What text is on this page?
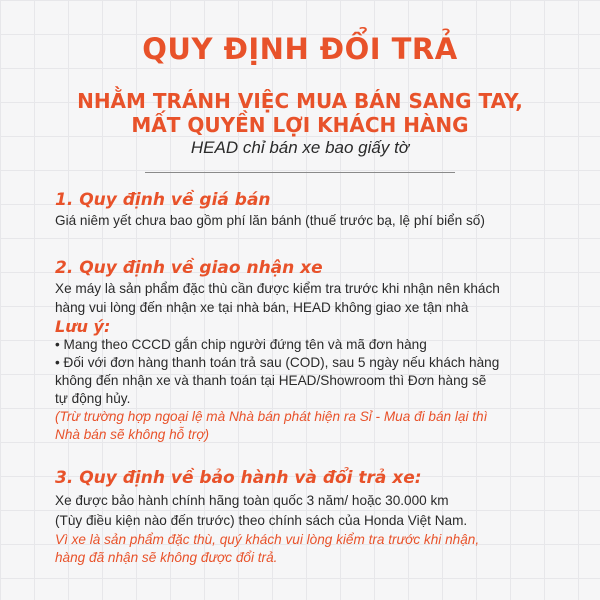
QUY ĐỊNH ĐỔI TRẢ
NHẰM TRÁNH VIỆC MUA BÁN SANG TAY,
MẤT QUYỀN LỢI KHÁCH HÀNG
HEAD chỉ bán xe bao giấy tờ
1. Quy định về giá bán
Giá niêm yết chưa bao gồm phí lăn bánh (thuế trước bạ, lệ phí biển số)
2. Quy định về giao nhận xe
Xe máy là sản phẩm đặc thù cần được kiểm tra trước khi nhận nên khách
hàng vui lòng đến nhận xe tại nhà bán, HEAD không giao xe tận nhà
Lưu ý:
• Mang theo CCCD gắn chip người đứng tên và mã đơn hàng
• Đối với đơn hàng thanh toán trả sau (COD), sau 5 ngày nếu khách hàng
không đến nhận xe và thanh toán tại HEAD/Showroom thì Đơn hàng sẽ
tự động hủy.
(Trừ trường hợp ngoại lệ mà Nhà bán phát hiện ra Sỉ - Mua đi bán lại thì
Nhà bán sẽ không hỗ trợ)
3. Quy định về bảo hành và đổi trả xe:
Xe được bảo hành chính hãng toàn quốc 3 năm/ hoặc 30.000 km
(Tùy điều kiện nào đến trước) theo chính sách của Honda Việt Nam.
Vì xe là sản phẩm đặc thù, quý khách vui lòng kiểm tra trước khi nhận,
hàng đã nhận sẽ không được đổi trả.
